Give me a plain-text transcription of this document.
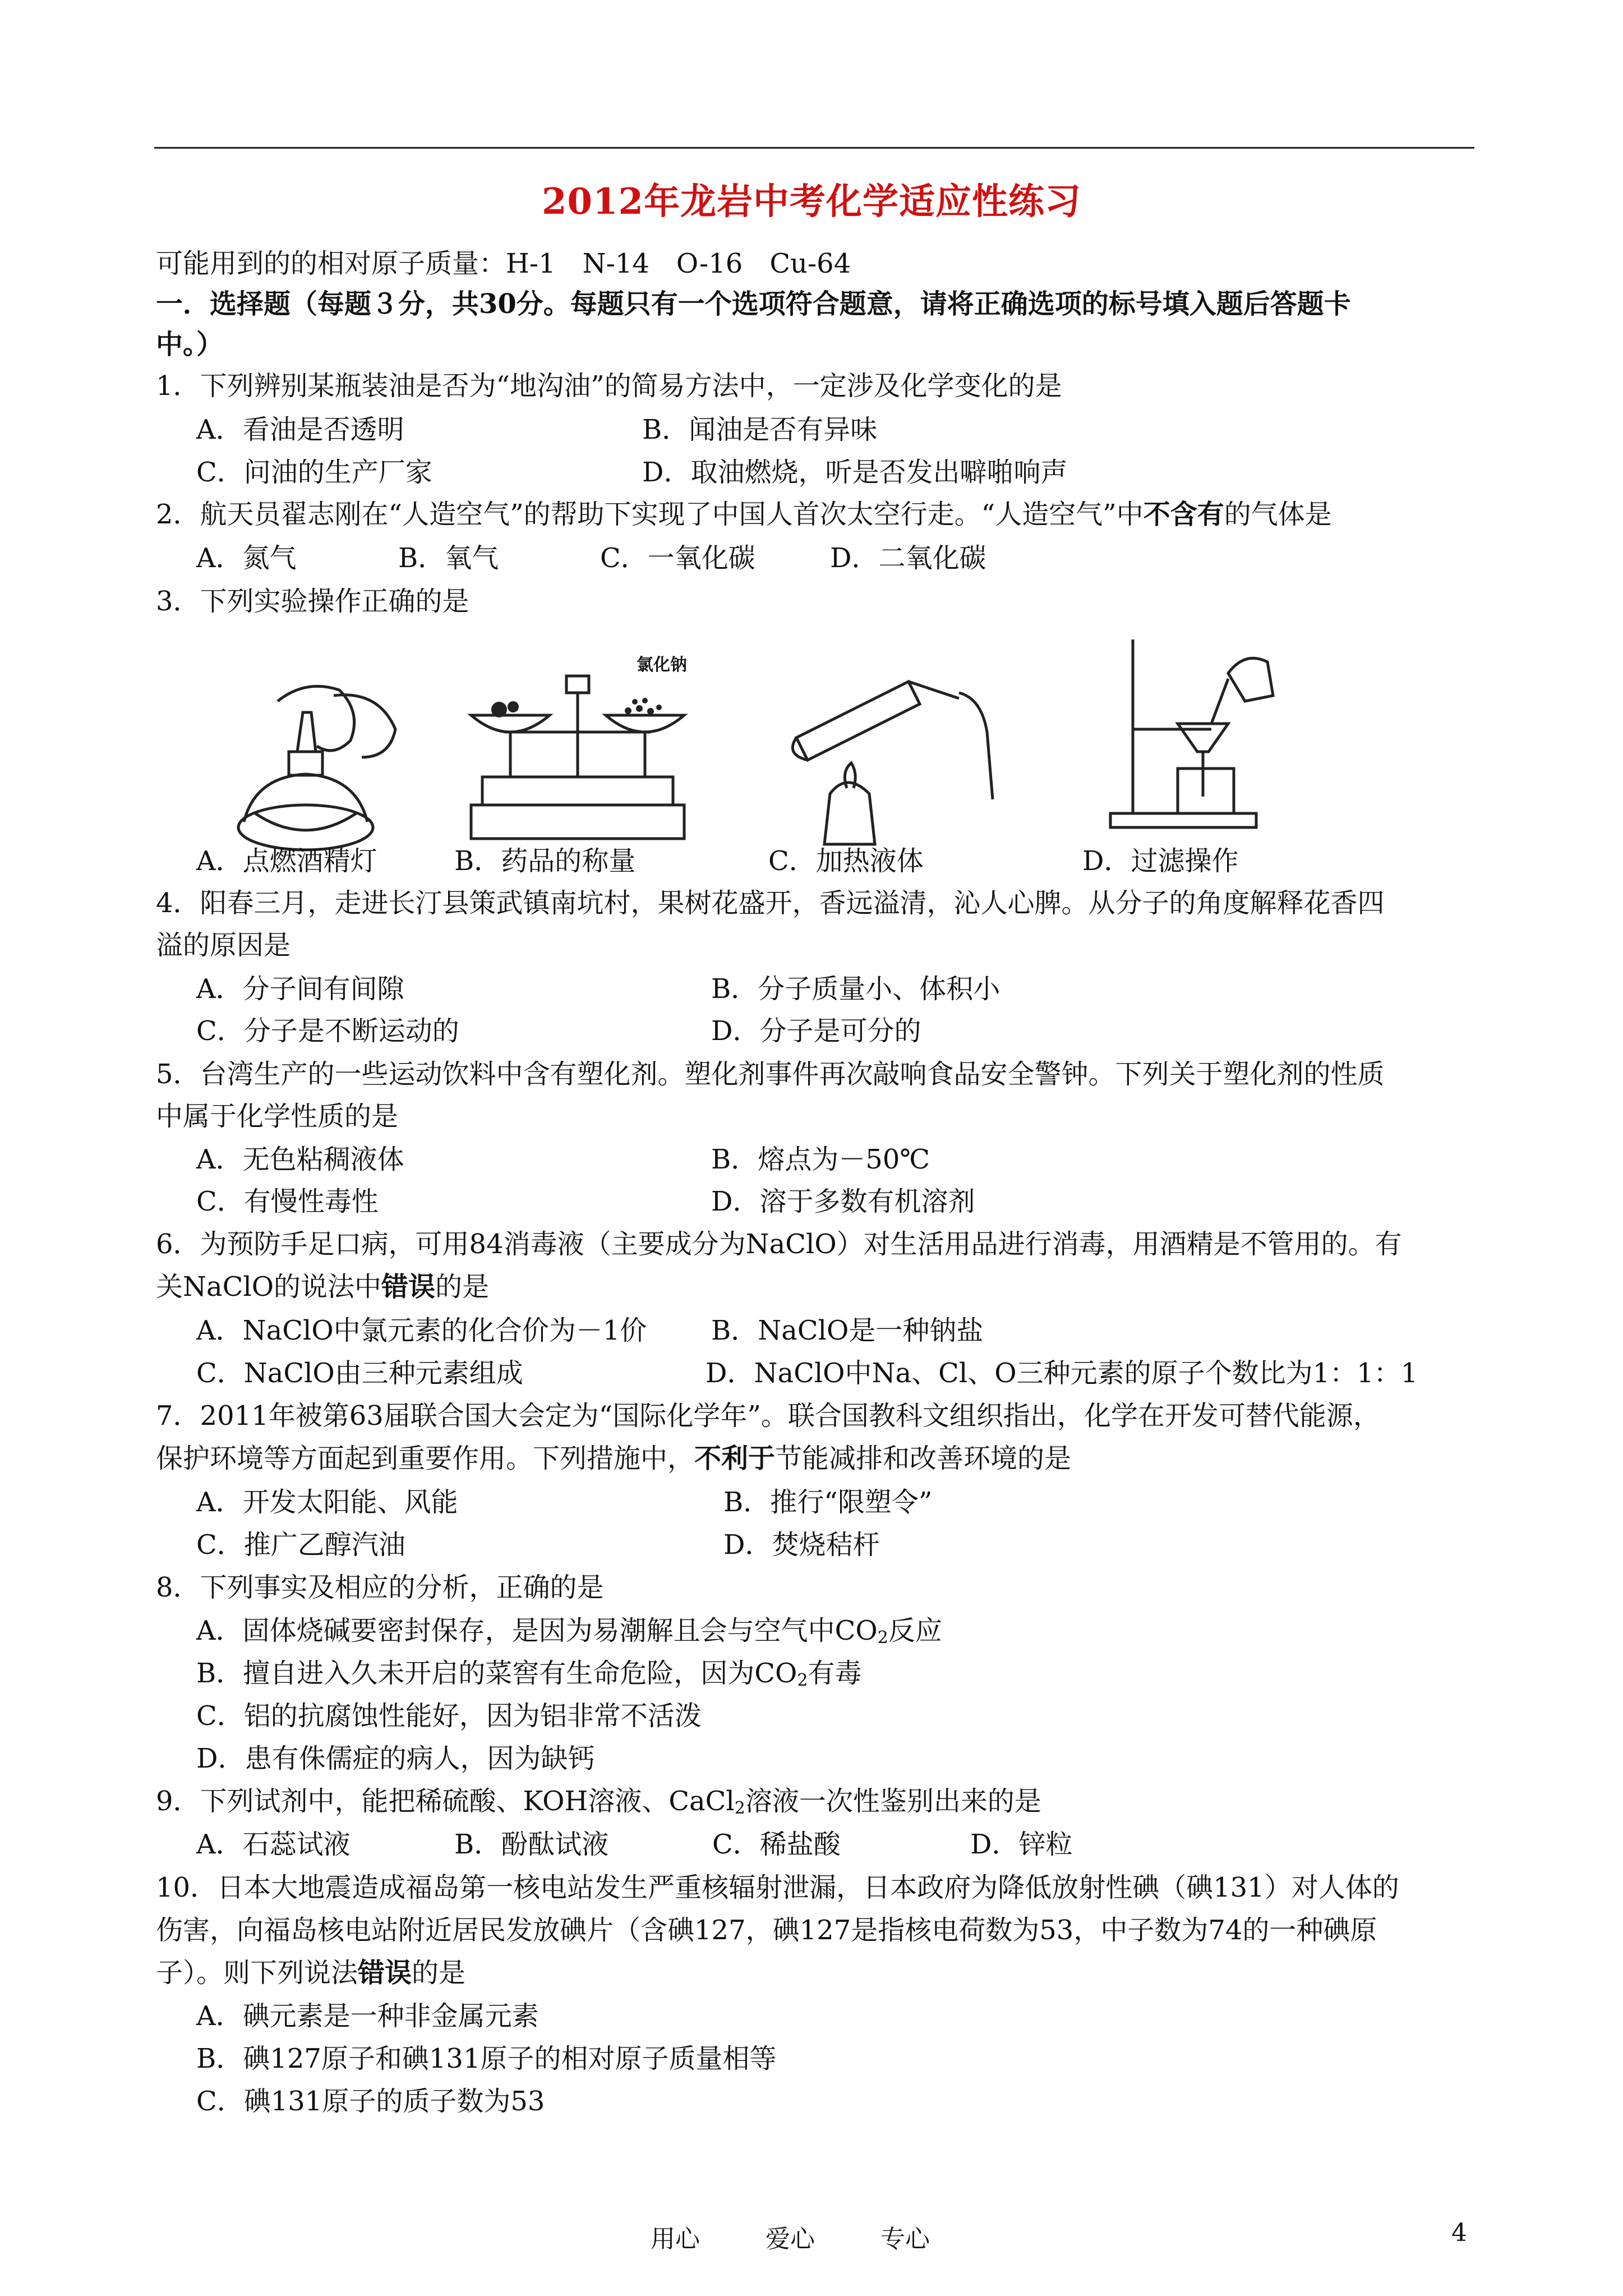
2012年龙岩中考化学适应性练习
可能用到的的相对原子质量：H-1　N-14　O-16　Cu-64
一．选择题（每题３分，共30分。每题只有一个选项符合题意，请将正确选项的标号填入题后答题卡
中。）
1．下列辨别某瓶装油是否为“地沟油”的简易方法中，一定涉及化学变化的是
A．看油是否透明	B．闻油是否有异味
C．问油的生产厂家	D．取油燃烧，听是否发出噼啪响声
2．航天员翟志刚在“人造空气”的帮助下实现了中国人首次太空行走。“人造空气”中不含有的气体是
A．氮气	B．氧气	C．一氧化碳	D．二氧化碳
3．下列实验操作正确的是
氯化钠
A．点燃酒精灯	B．药品的称量	C．加热液体	D．过滤操作
4．阳春三月，走进长汀县策武镇南坑村，果树花盛开，香远溢清，沁人心脾。从分子的角度解释花香四
溢的原因是
A．分子间有间隙	B．分子质量小、体积小
C．分子是不断运动的	D．分子是可分的
5．台湾生产的一些运动饮料中含有塑化剂。塑化剂事件再次敲响食品安全警钟。下列关于塑化剂的性质
中属于化学性质的是
A．无色粘稠液体	B．熔点为－50℃
C．有慢性毒性	D．溶于多数有机溶剂
6．为预防手足口病，可用84消毒液（主要成分为NaClO）对生活用品进行消毒，用酒精是不管用的。有
关NaClO的说法中错误的是
A．NaClO中氯元素的化合价为－1价 B．NaClO是一种钠盐
C．NaClO由三种元素组成	D．NaClO中Na、Cl、O三种元素的原子个数比为1：1：1
7．2011年被第63届联合国大会定为“国际化学年”。联合国教科文组织指出，化学在开发可替代能源，
保护环境等方面起到重要作用。下列措施中，不利于节能减排和改善环境的是
A．开发太阳能、风能	B．推行“限塑令”
C．推广乙醇汽油	D．焚烧秸杆
8．下列事实及相应的分析，正确的是
A．固体烧碱要密封保存，是因为易潮解且会与空气中$CO_2$反应
B．擅自进入久未开启的菜窖有生命危险，因为$CO_2$有毒
C．铝的抗腐蚀性能好，因为铝非常不活泼
D．患有侏儒症的病人，因为缺钙
9．下列试剂中，能把稀硫酸、KOH溶液、CaCl$_2$溶液一次性鉴别出来的是
A．石蕊试液	B．酚酞试液	C．稀盐酸	D．锌粒
10．日本大地震造成福岛第一核电站发生严重核辐射泄漏，日本政府为降低放射性碘（碘131）对人体的
伤害，向福岛核电站附近居民发放碘片（含碘127，碘127是指核电荷数为53，中子数为74的一种碘原
子）。则下列说法错误的是
A．碘元素是一种非金属元素
B．碘127原子和碘131原子的相对原子质量相等
C．碘131原子的质子数为53
用心	爱心	专心	4
